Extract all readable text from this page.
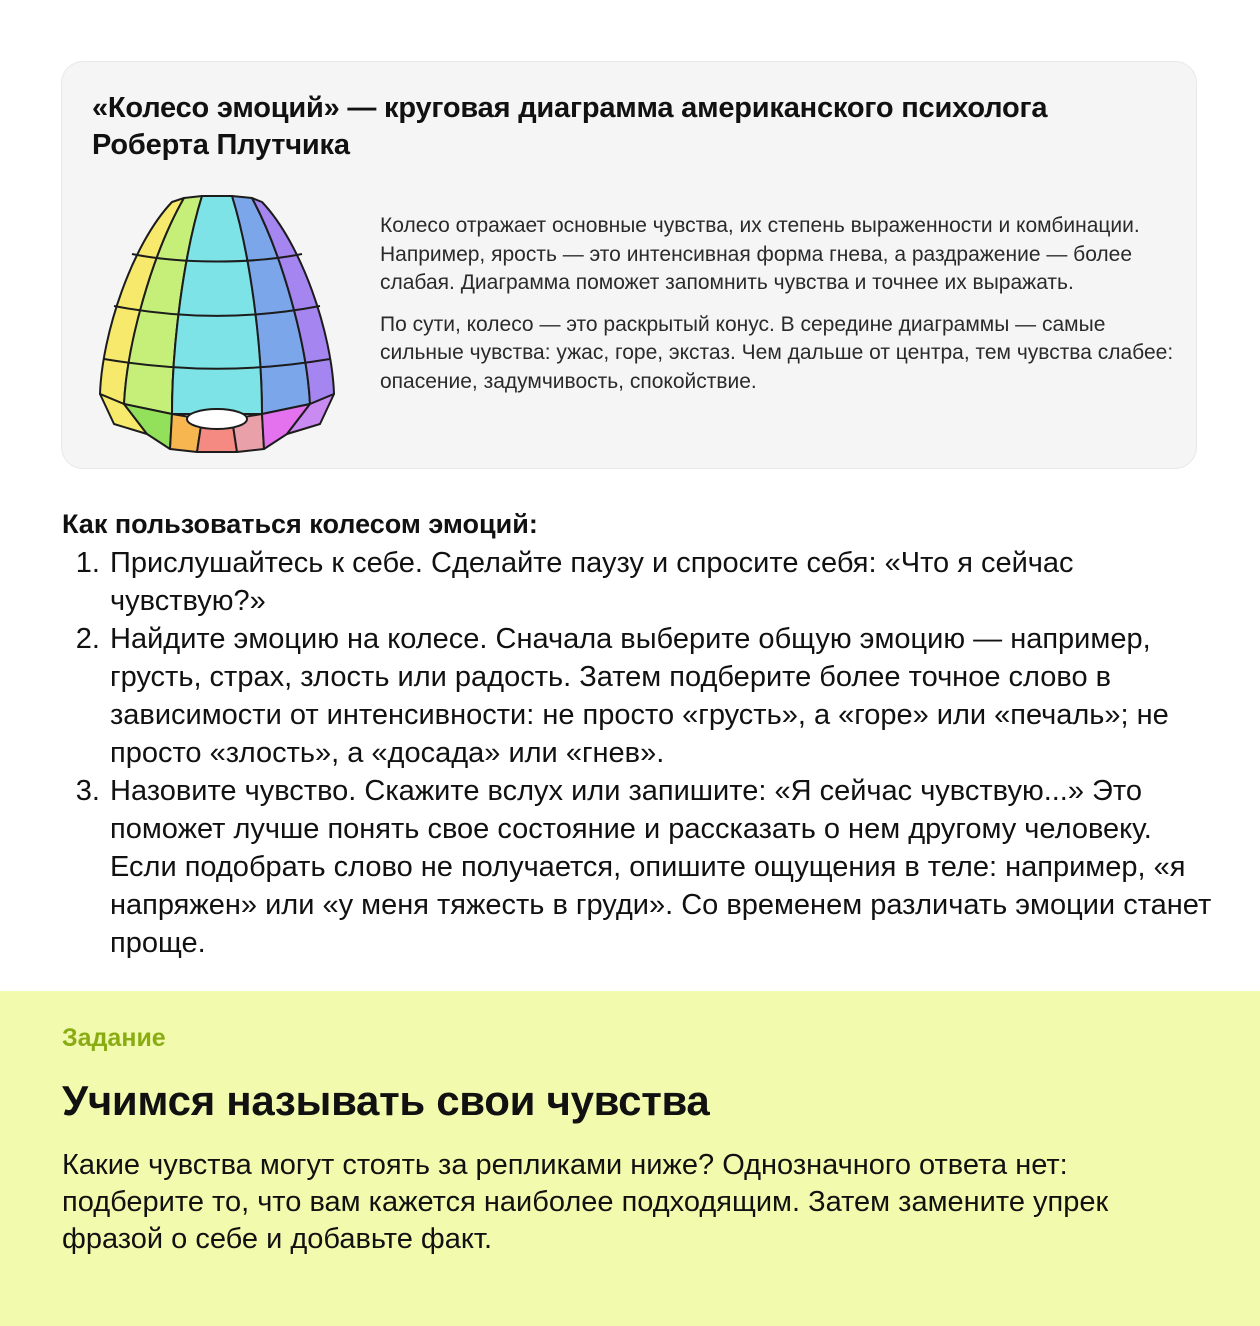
«Колесо эмоций» — круговая диаграмма американского психолога Роберта Плутчика

Колесо отражает основные чувства, их степень выраженности и комбинации. Например, ярость — это интенсивная форма гнева, а раздражение — более слабая. Диаграмма поможет запомнить чувства и точнее их выражать.

По сути, колесо — это раскрытый конус. В середине диаграммы — самые сильные чувства: ужас, горе, экстаз. Чем дальше от центра, тем чувства слабее: опасение, задумчивость, спокойствие.

Как пользоваться колесом эмоций:
1. Прислушайтесь к себе. Сделайте паузу и спросите себя: «Что я сейчас чувствую?»
2. Найдите эмоцию на колесе. Сначала выберите общую эмоцию — например, грусть, страх, злость или радость. Затем подберите более точное слово в зависимости от интенсивности: не просто «грусть», а «горе» или «печаль»; не просто «злость», а «досада» или «гнев».
3. Назовите чувство. Скажите вслух или запишите: «Я сейчас чувствую...» Это поможет лучше понять свое состояние и рассказать о нем другому человеку. Если подобрать слово не получается, опишите ощущения в теле: например, «я напряжен» или «у меня тяжесть в груди». Со временем различать эмоции станет проще.

Задание

Учимся называть свои чувства

Какие чувства могут стоять за репликами ниже? Однозначного ответа нет: подберите то, что вам кажется наиболее подходящим. Затем замените упрек фразой о себе и добавьте факт.
